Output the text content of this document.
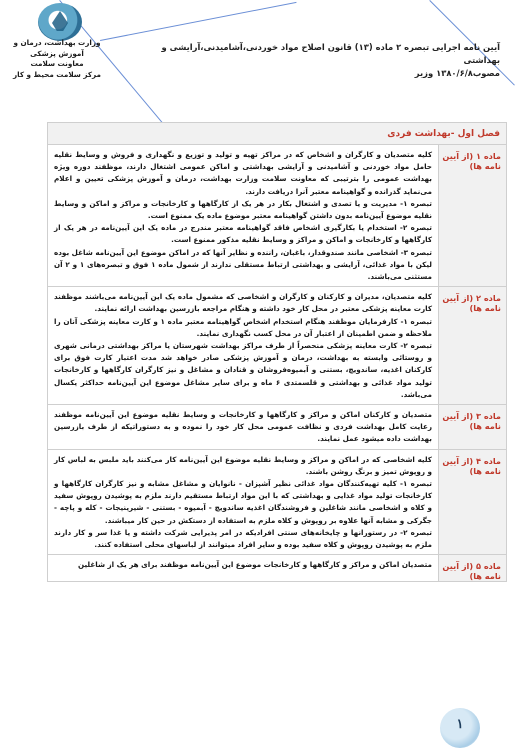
وزارت بهداشت، درمان و آموزش پزشکی
معاونت سلامت
مرکز سلامت محیط و کار
آیین نامه اجرایی تبصره ۲ ماده (۱۳) قانون اصلاح مواد خوردنی،آشامیدنی،آرایشی و بهداشتی
مصوب۱۳۸۰/۶/۸ وزیر
فصل اول -بهداشت فردی
ماده ۱ (از آیین نامه ها)

کلیه متصدیان و کارگران و اشخاص که در مراکز تهیه و تولید و توزیع و نگهداری و فروش و وسایط نقلیه حامل مواد خوردنی و آشامیدنی و آرایشی بهداشتی و اماکن عمومی اشتغال دارند، موظفند دوره ویژه بهداشت عمومی را بترتیبی که معاونت سلامت وزارت بهداشت، درمان و آموزش پزشکی تعیین و اعلام می‌نماید گذرانده و گواهینامه معتبر آنرا دریافت دارند.

تبصره ۱- مدیریت و یا تصدی و اشتغال بکار در هر یک از کارگاهها و کارخانجات و مراکز و اماکن و وسایط نقلیه موضوع آیین‌نامه بدون داشتن گواهینامه معتبر موضوع ماده یک ممنوع است.

تبصره ۲- استخدام یا بکارگیری اشخاص فاقد گواهینامه معتبر مندرج در ماده یک این آیین‌نامه در هر یک از کارگاهها و کارخانجات و اماکن و مراکز و وسایط نقلیه مذکور ممنوع است.

تبصره ۳- اشخاصی مانند صندوقدار، باغبان، راننده و نظایر آنها که در اماکن موضوع این آیین‌نامه شاغل بوده لیکن با مواد غذائی، آرایشی و بهداشتی ارتباط مستقلی ندارند از شمول ماده ۱ فوق و تبصره‌های ۱ و ۲ آن مستثنی می‌باشند.

ماده ۲ (از آیین نامه ها)

کلیه متصدیان، مدیران و کارکنان و کارگران و اشخاصی که مشمول ماده یک این آیین‌نامه می‌باشند موظفند کارت معاینه پزشکی معتبر در محل کار خود داشته و هنگام مراجعه بازرسین بهداشت ارائه نمایند.

تبصره ۱- کارفرمایان موظفند هنگام استخدام اشخاص گواهینامه معتبر ماده ۱ و کارت معاینه پزشکی آنان را ملاحظه و ضمن اطمینان از اعتبار آن در محل کسب نگهداری نمایند.

تبصره ۲- کارت معاینه پزشکی منحصراً از طرف مراکز بهداشت شهرستان یا مراکز بهداشتی درمانی شهری و روستائی وابسته به بهداشت، درمان و آموزش پزشکی صادر خواهد شد مدت اعتبار کارت فوق برای کارکنان اغذیه، ساندویچ، بستنی و آبمیوه‌فروشان و قنادان و مشاغل و نیز کارگران کارگاهها و کارخانجات تولید مواد غذائی و بهداشتی و قلسمتدی ۶ ماه و برای سایر مشاغل موضوع این آیین‌نامه حداکثر یکسال می‌باشد.

ماده ۳ (از آیین نامه ها)

متصدیان و کارکنان اماکن و مراکز و کارگاهها و کارخانجات و وسایط نقلیه موضوع این آیین‌نامه موظفند رعایت کامل بهداشت فردی و نظافت عمومی محل کار خود را نموده و به دستوراتیکه از طرف بازرسین بهداشت داده میشود عمل نمایند.

ماده ۴ (از آیین نامه ها)

کلیه اشخاصی که در اماکن و مراکز و وسایط نقلیه موضوع این آیین‌نامه کار می‌کنند باید ملبس به لباس کار و روپوش تمیز و برنگ روشن باشند.

تبصره ۱- کلیه تهیه‌کنندگان مواد غذائی نظیر آشپزان - نانوایان و مشاغل مشابه و نیز کارگران کارگاهها و کارخانجات تولید مواد غذایی و بهداشتی که با این مواد ارتباط مستقیم دارند ملزم به پوشیدن روپوش سفید و کلاه و اشخاصی مانند شاغلین و فروشندگان اغذیه ساندویچ - آبمیوه - بستنی - شیرینیجات - کله و پاچه - جگرکی و مشابه آنها علاوه بر روپوش و کلاه ملزم به استفاده از دستکش در حین کار میباشند.

تبصره ۲- در رستورانها و چایخانه‌های سنتی افرادیکه در امر پذیرایی شرکت داشته و یا غذا سر و کار دارند ملزم به پوشیدن روپوش و کلاه سفید بوده و سایر افراد میتوانند از لباسهای محلی استفاده کنند.

ماده ۵ (از آیین نامه ها)

متصدیان اماکن و مراکز و کارگاهها و کارخانجات موضوع این آیین‌نامه موظفند برای هر یک از شاغلین

۱
